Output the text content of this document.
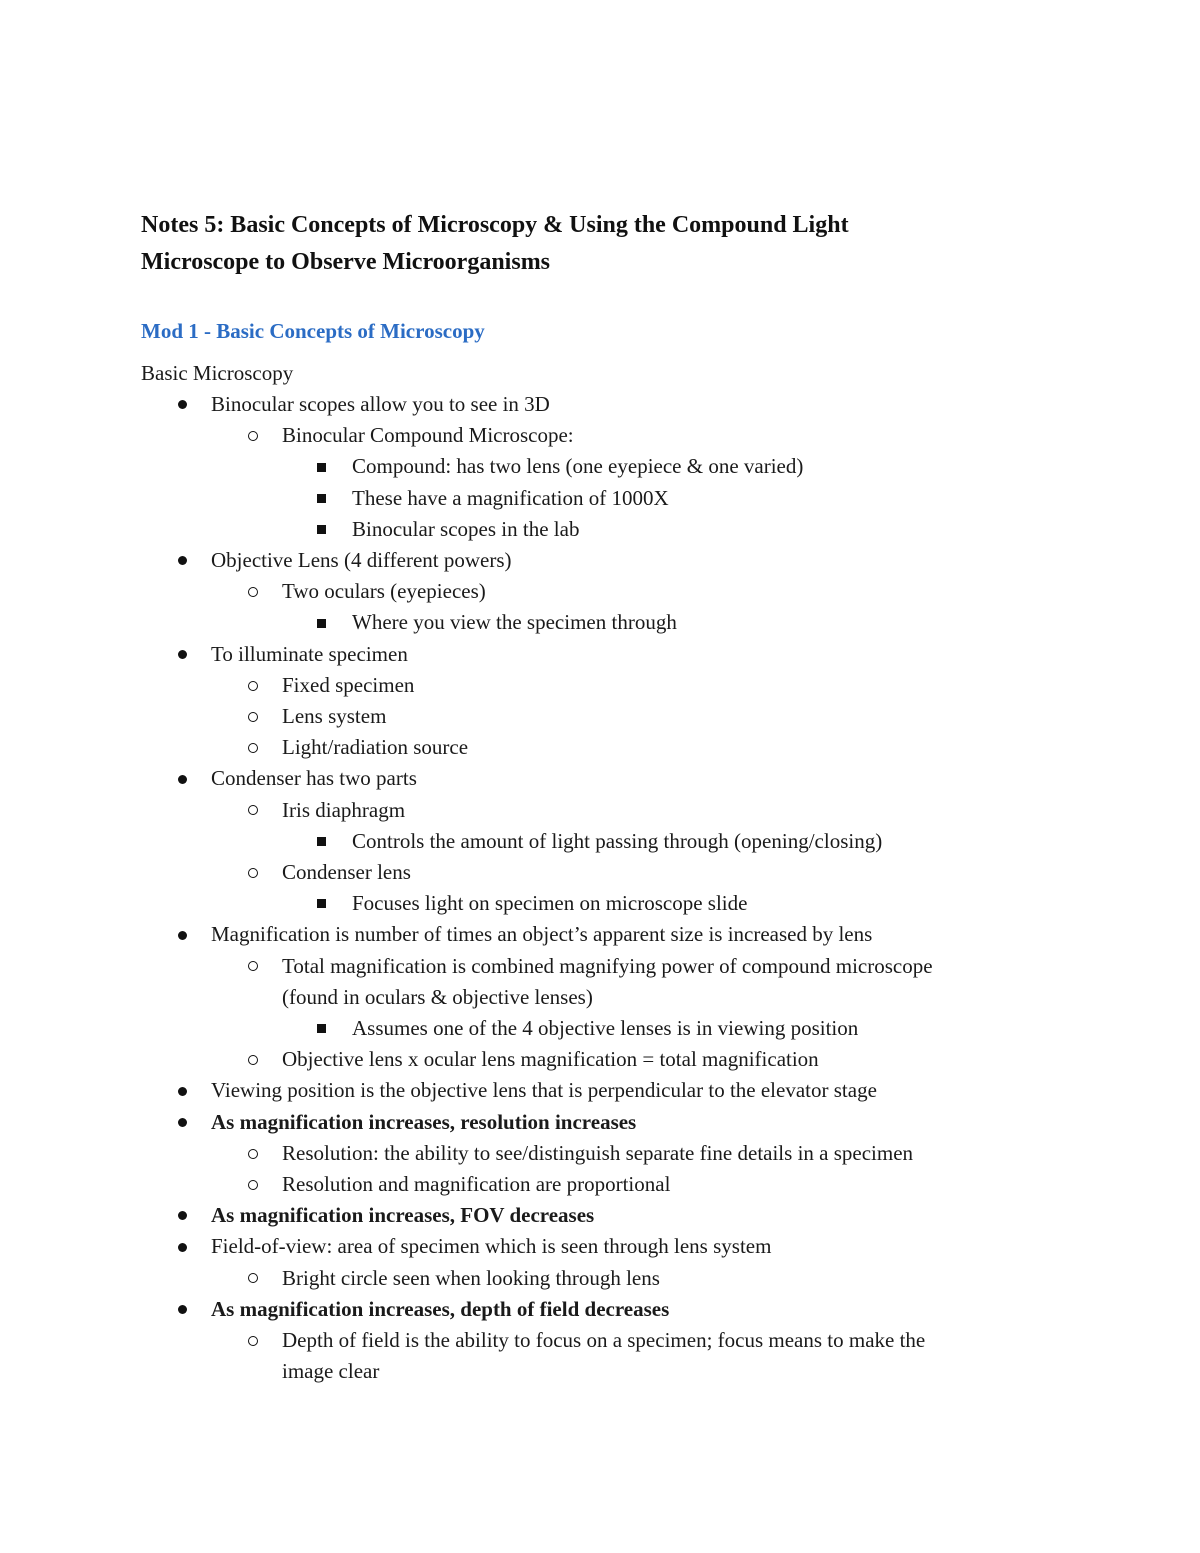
Notes 5: Basic Concepts of Microscopy & Using the Compound Light
Microscope to Observe Microorganisms
Mod 1 - Basic Concepts of Microscopy

Basic Microscopy

Binocular scopes allow you to see in 3D
Binocular Compound Microscope:
Compound: has two lens (one eyepiece & one varied)
These have a magnification of 1000X
Binocular scopes in the lab
Objective Lens (4 different powers)
Two oculars (eyepieces)
Where you view the specimen through
To illuminate specimen
Fixed specimen
Lens system
Light/radiation source
Condenser has two parts
Iris diaphragm
Controls the amount of light passing through (opening/closing)
Condenser lens
Focuses light on specimen on microscope slide
Magnification is number of times an object’s apparent size is increased by lens
Total magnification is combined magnifying power of compound microscope
(found in oculars & objective lenses)
Assumes one of the 4 objective lenses is in viewing position
Objective lens x ocular lens magnification = total magnification
Viewing position is the objective lens that is perpendicular to the elevator stage
As magnification increases, resolution increases
Resolution: the ability to see/distinguish separate fine details in a specimen
Resolution and magnification are proportional
As magnification increases, FOV decreases
Field-of-view: area of specimen which is seen through lens system
Bright circle seen when looking through lens
As magnification increases, depth of field decreases
Depth of field is the ability to focus on a specimen; focus means to make the
image clear
